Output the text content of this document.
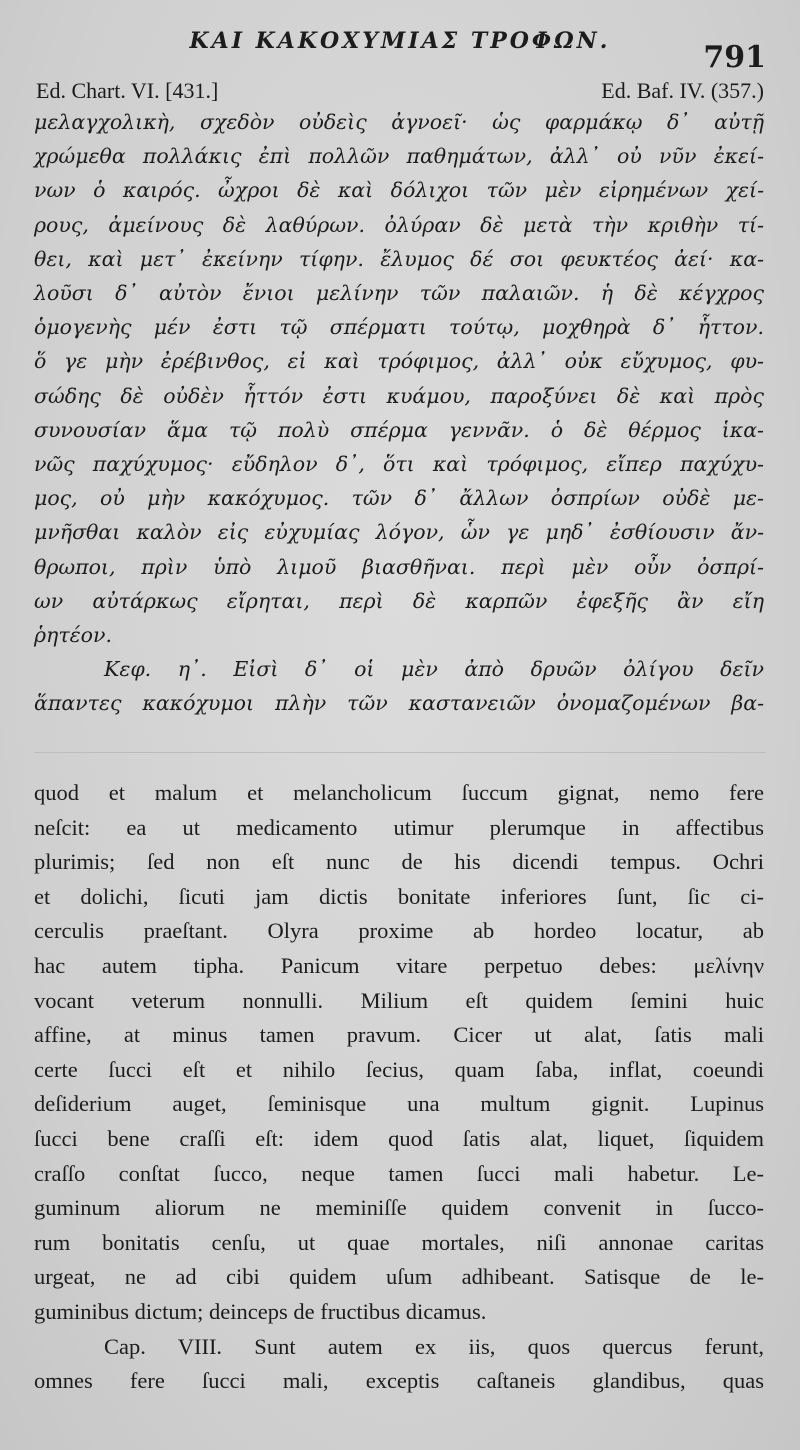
ΚΑΙ ΚΑΚΟΧΥΜΙΑΣ ΤΡΟΦΩΝ.	791
Ed. Chart. VI. [431.]	Ed. Baf. IV. (357.)
μελαγχολικὴ, σχεδὸν οὐδεὶς ἀγνοεῖ· ὡς φαρμάκῳ δ᾽ αὐτῇ
χρώμεθα πολλάκις ἐπὶ πολλῶν παθημάτων, ἀλλ᾽ οὐ νῦν ἐκεί-
νων ὁ καιρός. ὦχροι δὲ καὶ δόλιχοι τῶν μὲν εἰρημένων χεί-
ρους, ἀμείνους δὲ λαθύρων. ὀλύραν δὲ μετὰ τὴν κριθὴν τί-
θει, καὶ μετ᾽ ἐκείνην τίφην. ἔλυμος δέ σοι φευκτέος ἀεί· κα-
λοῦσι δ᾽ αὐτὸν ἔνιοι μελίνην τῶν παλαιῶν. ἡ δὲ κέγχρος
ὁμογενὴς μέν ἐστι τῷ σπέρματι τούτῳ, μοχθηρὰ δ᾽ ἧττον.
ὅ γε μὴν ἐρέβινθος, εἰ καὶ τρόφιμος, ἀλλ᾽ οὐκ εὔχυμος, φυ-
σώδης δὲ οὐδὲν ἧττόν ἐστι κυάμου, παροξύνει δὲ καὶ πρὸς
συνουσίαν ἅμα τῷ πολὺ σπέρμα γεννᾶν. ὁ δὲ θέρμος ἱκα-
νῶς παχύχυμος· εὔδηλον δ᾽, ὅτι καὶ τρόφιμος, εἴπερ παχύχυ-
μος, οὐ μὴν κακόχυμος. τῶν δ᾽ ἄλλων ὀσπρίων οὐδὲ με-
μνῆσθαι καλὸν εἰς εὐχυμίας λόγον, ὧν γε μηδ᾽ ἐσθίουσιν ἄν-
θρωποι, πρὶν ὑπὸ λιμοῦ βιασθῆναι. περὶ μὲν οὖν ὀσπρί-
ων αὐτάρκως εἴρηται, περὶ δὲ καρπῶν ἐφεξῆς ἂν εἴη
ῥητέον.
Κεφ. η᾽. Εἰσὶ δ᾽ οἱ μὲν ἀπὸ δρυῶν ὀλίγου δεῖν
ἅπαντες κακόχυμοι πλὴν τῶν καστανειῶν ὀνομαζομένων βα-
quod et malum et melancholicum ſuccum gignat, nemo fere
neſcit: ea ut medicamento utimur plerumque in affectibus
plurimis; ſed non eſt nunc de his dicendi tempus. Ochri
et dolichi, ſicuti jam dictis bonitate inferiores ſunt, ſic ci-
cerculis praeſtant. Olyra proxime ab hordeo locatur, ab
hac autem tipha. Panicum vitare perpetuo debes: μελίνην
vocant veterum nonnulli. Milium eſt quidem ſemini huic
affine, at minus tamen pravum. Cicer ut alat, ſatis mali
certe ſucci eſt et nihilo ſecius, quam ſaba, inflat, coeundi
deſiderium auget, ſeminisque una multum gignit. Lupinus
ſucci bene craſſi eſt: idem quod ſatis alat, liquet, ſiquidem
craſſo conſtat ſucco, neque tamen ſucci mali habetur. Le-
guminum aliorum ne meminiſſe quidem convenit in ſucco-
rum bonitatis cenſu, ut quae mortales, niſi annonae caritas
urgeat, ne ad cibi quidem uſum adhibeant. Satisque de le-
guminibus dictum; deinceps de fructibus dicamus.
Cap. VIII. Sunt autem ex iis, quos quercus ferunt,
omnes fere ſucci mali, exceptis caſtaneis glandibus, quas
